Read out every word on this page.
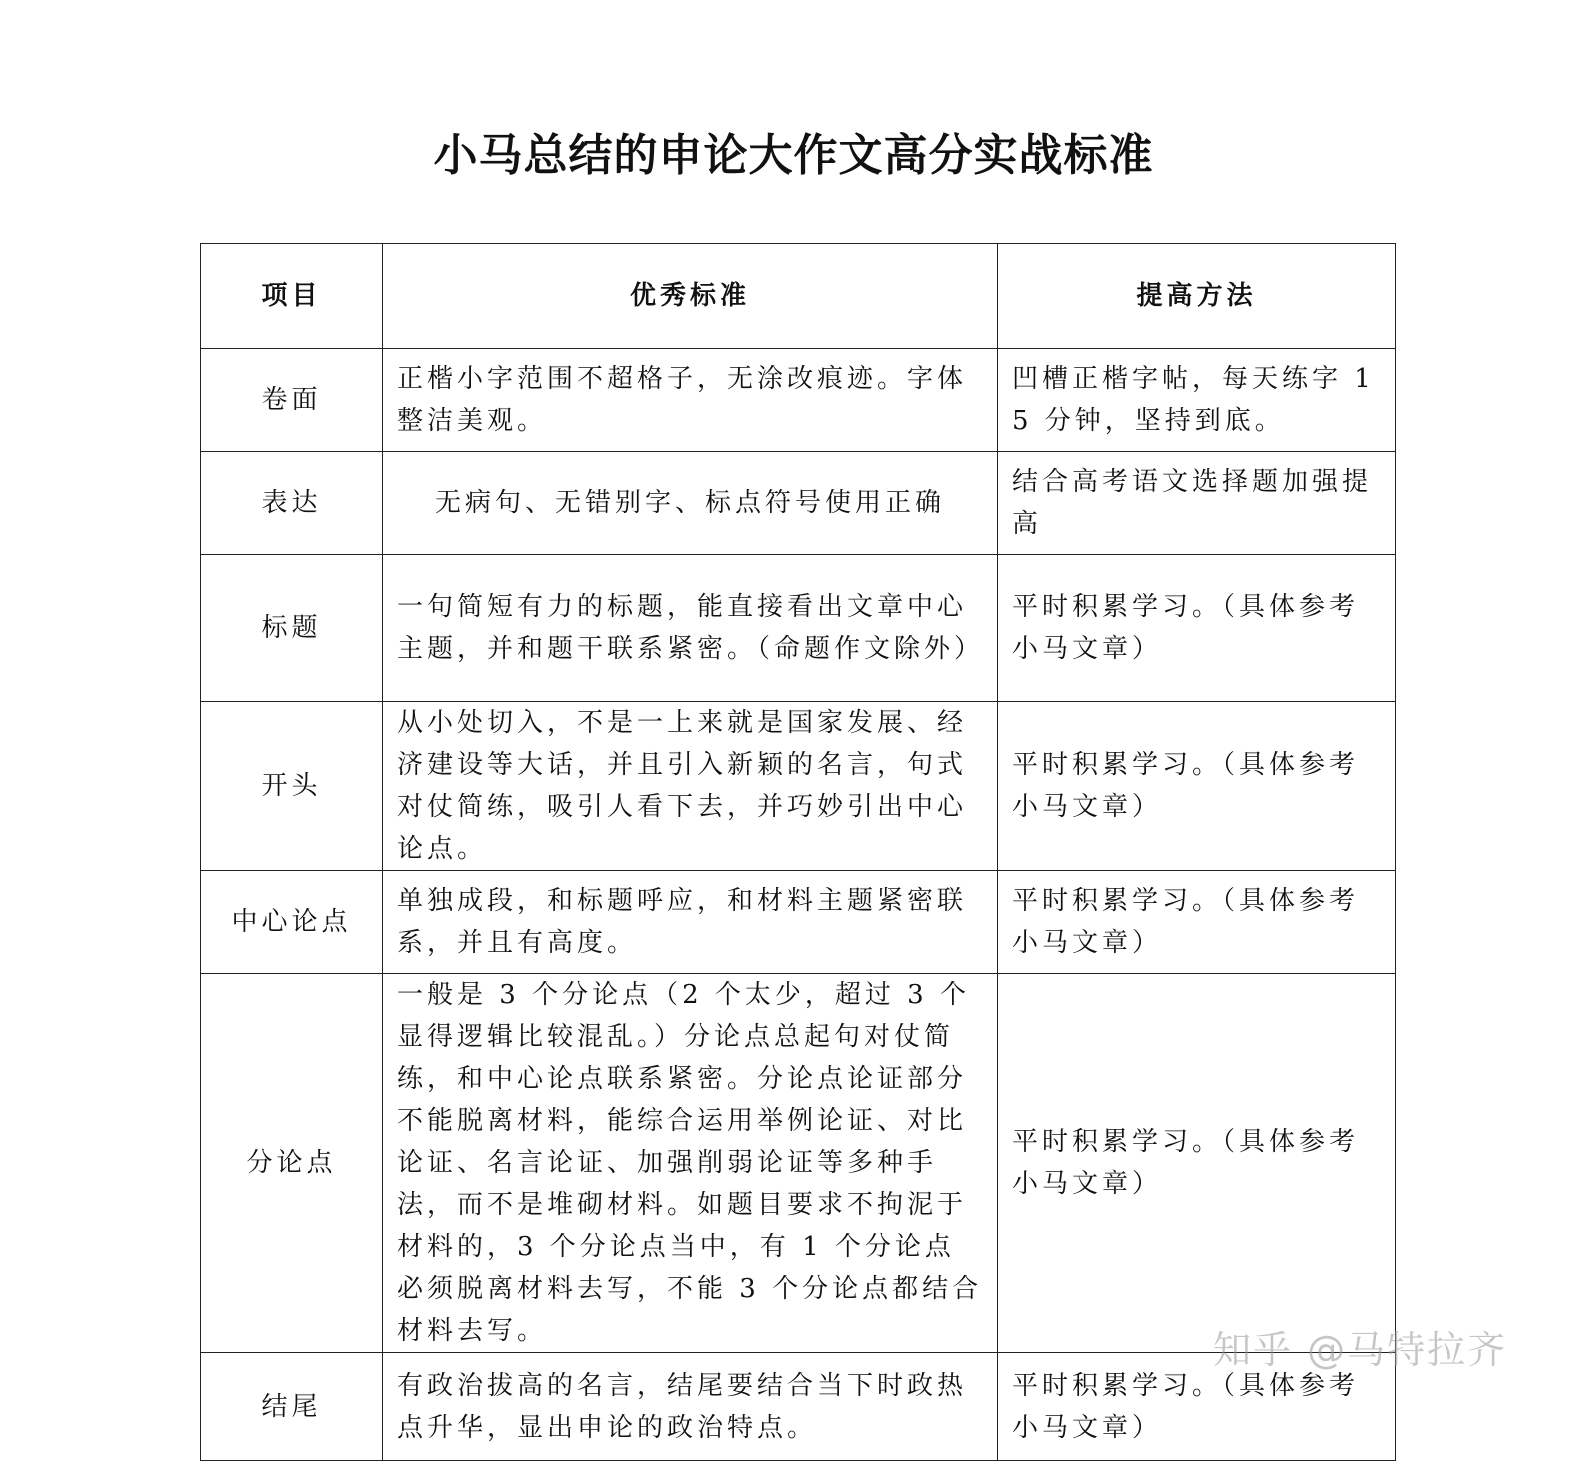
小马总结的申论大作文高分实战标准
项目	优秀标准	提高方法
卷面	正楷小字范围不超格子，无涂改痕迹。字体整洁美观。	凹槽正楷字帖，每天练字 15 分钟，坚持到底。
表达	无病句、无错别字、标点符号使用正确	结合高考语文选择题加强提高
标题	一句简短有力的标题，能直接看出文章中心主题，并和题干联系紧密。（命题作文除外）	平时积累学习。（具体参考小马文章）
开头	从小处切入，不是一上来就是国家发展、经济建设等大话，并且引入新颖的名言，句式对仗简练，吸引人看下去，并巧妙引出中心论点。	平时积累学习。（具体参考小马文章）
中心论点	单独成段，和标题呼应，和材料主题紧密联系，并且有高度。	平时积累学习。（具体参考小马文章）
分论点	一般是 3 个分论点（2 个太少，超过 3 个显得逻辑比较混乱。）分论点总起句对仗简练，和中心论点联系紧密。分论点论证部分不能脱离材料，能综合运用举例论证、对比论证、名言论证、加强削弱论证等多种手法，而不是堆砌材料。如题目要求不拘泥于材料的，3 个分论点当中，有 1 个分论点必须脱离材料去写，不能 3 个分论点都结合材料去写。	平时积累学习。（具体参考小马文章）
结尾	有政治拔高的名言，结尾要结合当下时政热点升华，显出申论的政治特点。	平时积累学习。（具体参考小马文章）
知乎 @马特拉齐
